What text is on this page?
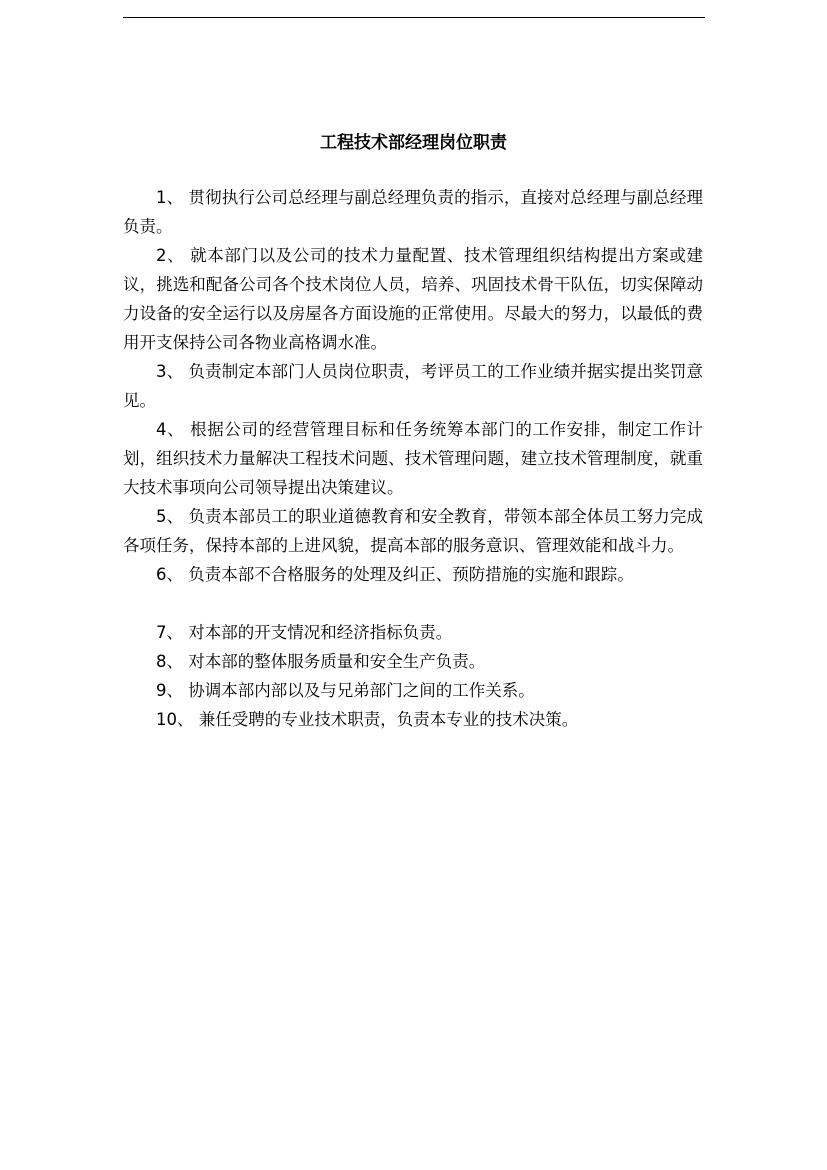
工程技术部经理岗位职责

1、 贯彻执行公司总经理与副总经理负责的指示，直接对总经理与副总经理负责。

2、 就本部门以及公司的技术力量配置、技术管理组织结构提出方案或建议，挑选和配备公司各个技术岗位人员，培养、巩固技术骨干队伍，切实保障动力设备的安全运行以及房屋各方面设施的正常使用。尽最大的努力，以最低的费用开支保持公司各物业高格调水准。

3、 负责制定本部门人员岗位职责，考评员工的工作业绩并据实提出奖罚意见。

4、 根据公司的经营管理目标和任务统筹本部门的工作安排，制定工作计划，组织技术力量解决工程技术问题、技术管理问题，建立技术管理制度，就重大技术事项向公司领导提出决策建议。

5、 负责本部员工的职业道德教育和安全教育，带领本部全体员工努力完成各项任务，保持本部的上进风貌，提高本部的服务意识、管理效能和战斗力。

6、 负责本部不合格服务的处理及纠正、预防措施的实施和跟踪。

7、 对本部的开支情况和经济指标负责。

8、 对本部的整体服务质量和安全生产负责。

9、 协调本部内部以及与兄弟部门之间的工作关系。

10、 兼任受聘的专业技术职责，负责本专业的技术决策。
